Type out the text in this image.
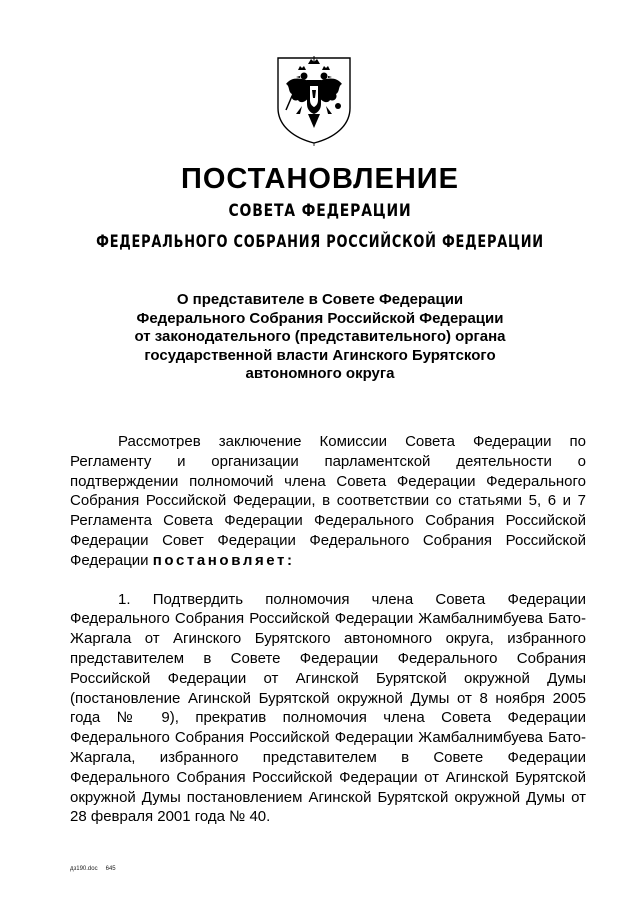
ПОСТАНОВЛЕНИЕ
СОВЕТА ФЕДЕРАЦИИ
ФЕДЕРАЛЬНОГО СОБРАНИЯ РОССИЙСКОЙ ФЕДЕРАЦИИ
О представителе в Совете Федерации
Федерального Собрания Российской Федерации
от законодательного (представительного) органа
государственной власти Агинского Бурятского
автономного округа

Рассмотрев заключение Комиссии Совета Федерации по Регламенту и организации парламентской деятельности о подтверждении полномочий члена Совета Федерации Федерального Собрания Российской Федерации, в соответствии со статьями 5, 6 и 7 Регламента Совета Федерации Федерального Собрания Российской Федерации Совет Федерации Федерального Собрания Российской Федерации постановляет:

1. Подтвердить полномочия члена Совета Федерации Федерального Собрания Российской Федерации Жамбалнимбуева Бато-Жаргала от Агинского Бурятского автономного округа, избранного представителем в Совете Федерации Федерального Собрания Российской Федерации от Агинской Бурятской окружной Думы (постановление Агинской Бурятской окружной Думы от 8 ноября 2005 года № 9), прекратив полномочия члена Совета Федерации Федерального Собрания Российской Федерации Жамбалнимбуева Бато-Жаргала, избранного представителем в Совете Федерации Федерального Собрания Российской Федерации от Агинской Бурятской окружной Думы постановлением Агинской Бурятской окружной Думы от 28 февраля 2001 года № 40.

дз190.doc 645
